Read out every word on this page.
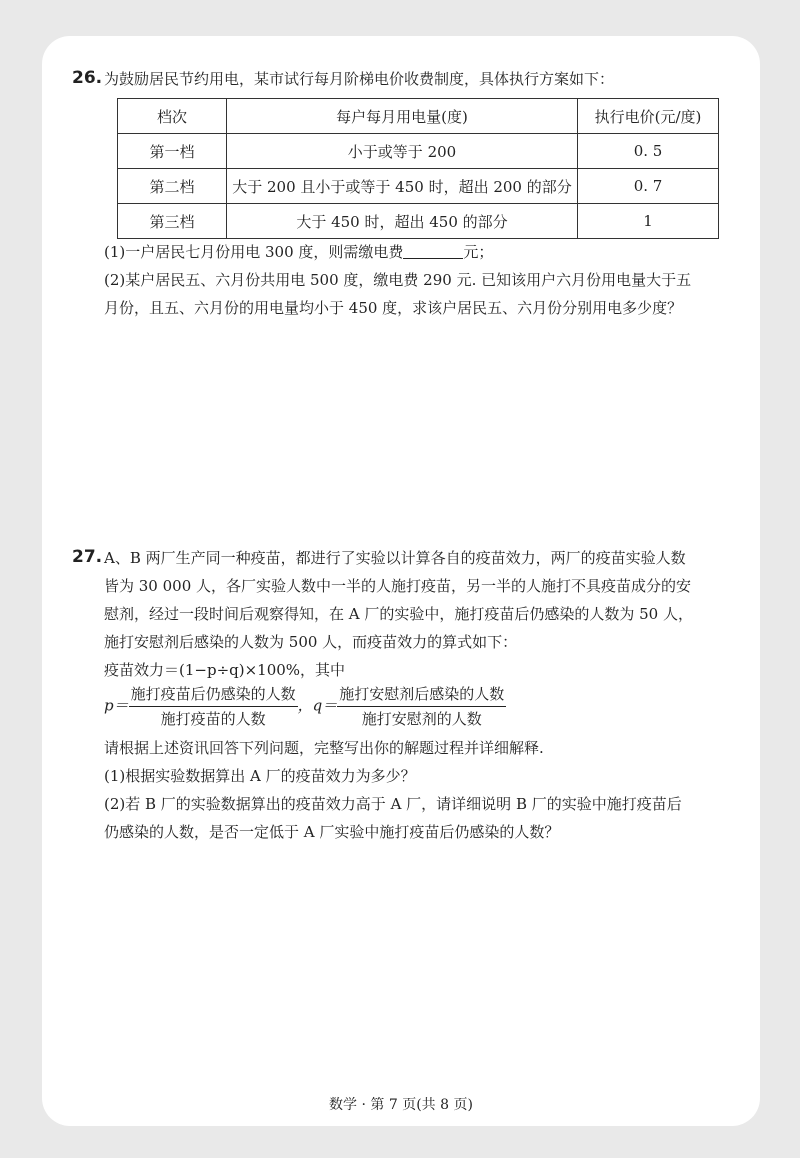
26. 为鼓励居民节约用电，某市试行每月阶梯电价收费制度，具体执行方案如下：
档次	每户每月用电量(度)	执行电价(元/度)
第一档	小于或等于 200	0. 5
第二档	大于 200 且小于或等于 450 时，超出 200 的部分	0. 7
第三档	大于 450 时，超出 450 的部分	1
(1)一户居民七月份用电 300 度，则需缴电费	元；
(2)某户居民五、六月份共用电 500 度，缴电费 290 元. 已知该用户六月份用电量大于五
月份，且五、六月份的用电量均小于 450 度，求该户居民五、六月份分别用电多少度？
27. A、B 两厂生产同一种疫苗，都进行了实验以计算各自的疫苗效力，两厂的疫苗实验人数
皆为 30 000 人，各厂实验人数中一半的人施打疫苗，另一半的人施打不具疫苗成分的安
慰剂，经过一段时间后观察得知，在 A 厂的实验中，施打疫苗后仍感染的人数为 50 人，
施打安慰剂后感染的人数为 500 人，而疫苗效力的算式如下：
疫苗效力＝(1−p÷q)×100%，其中
$p= \frac{\text{施打疫苗后仍感染的人数}}{\text{施打疫苗的人数}}$ ，$q= \frac{\text{施打安慰剂后感染的人数}}{\text{施打安慰剂的人数}}$
请根据上述资讯回答下列问题，完整写出你的解题过程并详细解释.
(1)根据实验数据算出 A 厂的疫苗效力为多少？
(2)若 B 厂的实验数据算出的疫苗效力高于 A 厂，请详细说明 B 厂的实验中施打疫苗后
仍感染的人数，是否一定低于 A 厂实验中施打疫苗后仍感染的人数？
数学 · 第 7 页(共 8 页)
